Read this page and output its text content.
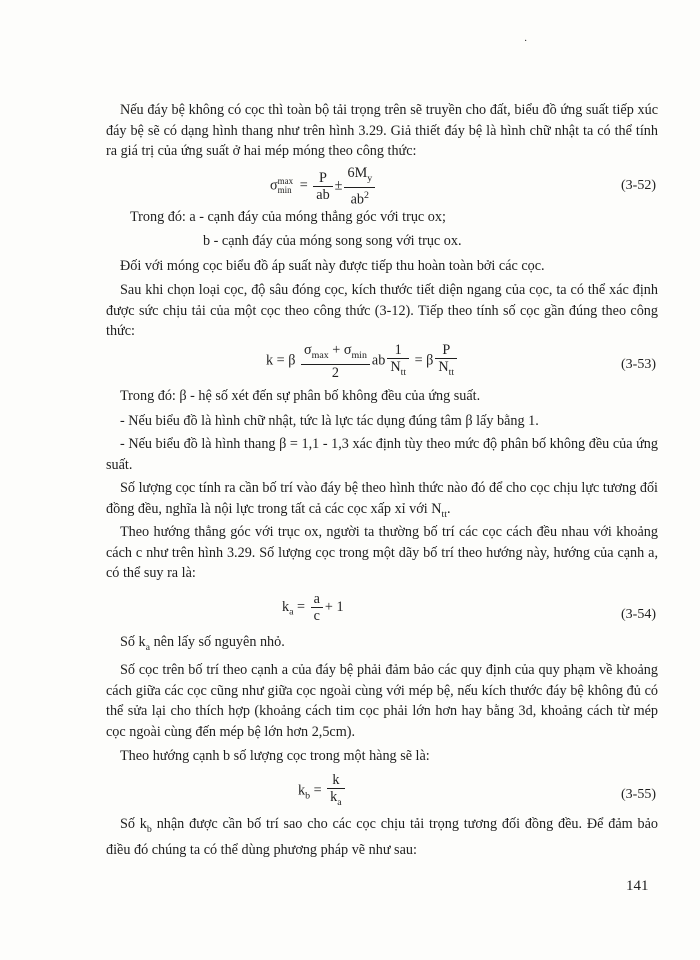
·

Nếu đáy bệ không có cọc thì toàn bộ tải trọng trên sẽ truyền cho đất, biểu đồ ứng suất tiếp xúc đáy bệ sẽ có dạng hình thang như trên hình 3.29. Giả thiết đáy bệ là hình chữ nhật ta có thể tính ra giá trị của ứng suất ở hai mép móng theo công thức:

σ max
$\min = \frac{P}{ab} \pm \frac{6M_y}{ab^2}$	(3-52)

Trong đó: a - cạnh đáy của móng thẳng góc với trục ox;

b - cạnh đáy của móng song song với trục ox.

Đối với móng cọc biểu đồ áp suất này được tiếp thu hoàn toàn bởi các cọc.

Sau khi chọn loại cọc, độ sâu đóng cọc, kích thước tiết diện ngang của cọc, ta có thể xác định được sức chịu tải của một cọc theo công thức (3-12). Tiếp theo tính số cọc gần đúng theo công thức:

k = β $\frac{\sigma_{max} + \sigma_{min}}{2}$ ab $\frac{1}{N_{tt}} = \beta \frac{P}{N_{tt}}$	(3-53)

Trong đó: β - hệ số xét đến sự phân bố không đều của ứng suất.

- Nếu biểu đồ là hình chữ nhật, tức là lực tác dụng đúng tâm β lấy bằng 1.

- Nếu biểu đồ là hình thang β = 1,1 - 1,3 xác định tùy theo mức độ phân bố không đều của ứng suất.

Số lượng cọc tính ra cần bố trí vào đáy bệ theo hình thức nào đó để cho cọc chịu lực tương đối đồng đều, nghĩa là nội lực trong tất cả các cọc xấp xỉ với $N_{tt}$.

Theo hướng thẳng góc với trục ox, người ta thường bố trí các cọc cách đều nhau với khoảng cách c như trên hình 3.29. Số lượng cọc trong một dãy bố trí theo hướng này, hướng của cạnh a, có thể suy ra là:

$k_a = \frac{a}{c} + 1$	(3-54)

Số $k_a$ nên lấy số nguyên nhỏ.

Số cọc trên bố trí theo cạnh a của đáy bệ phải đảm bảo các quy định của quy phạm về khoảng cách giữa các cọc cũng như giữa cọc ngoài cùng với mép bệ, nếu kích thước đáy bệ không đủ có thể sửa lại cho thích hợp (khoảng cách tim cọc phải lớn hơn hay bằng 3d, khoảng cách từ mép cọc ngoài cùng đến mép bệ lớn hơn 2,5cm).

Theo hướng cạnh b số lượng cọc trong một hàng sẽ là:

$k_b = \frac{k}{k_a}$	(3-55)

Số $k_b$ nhận được cần bố trí sao cho các cọc chịu tải trọng tương đối đồng đều. Để đảm bảo điều đó chúng ta có thể dùng phương pháp vẽ như sau:

141
